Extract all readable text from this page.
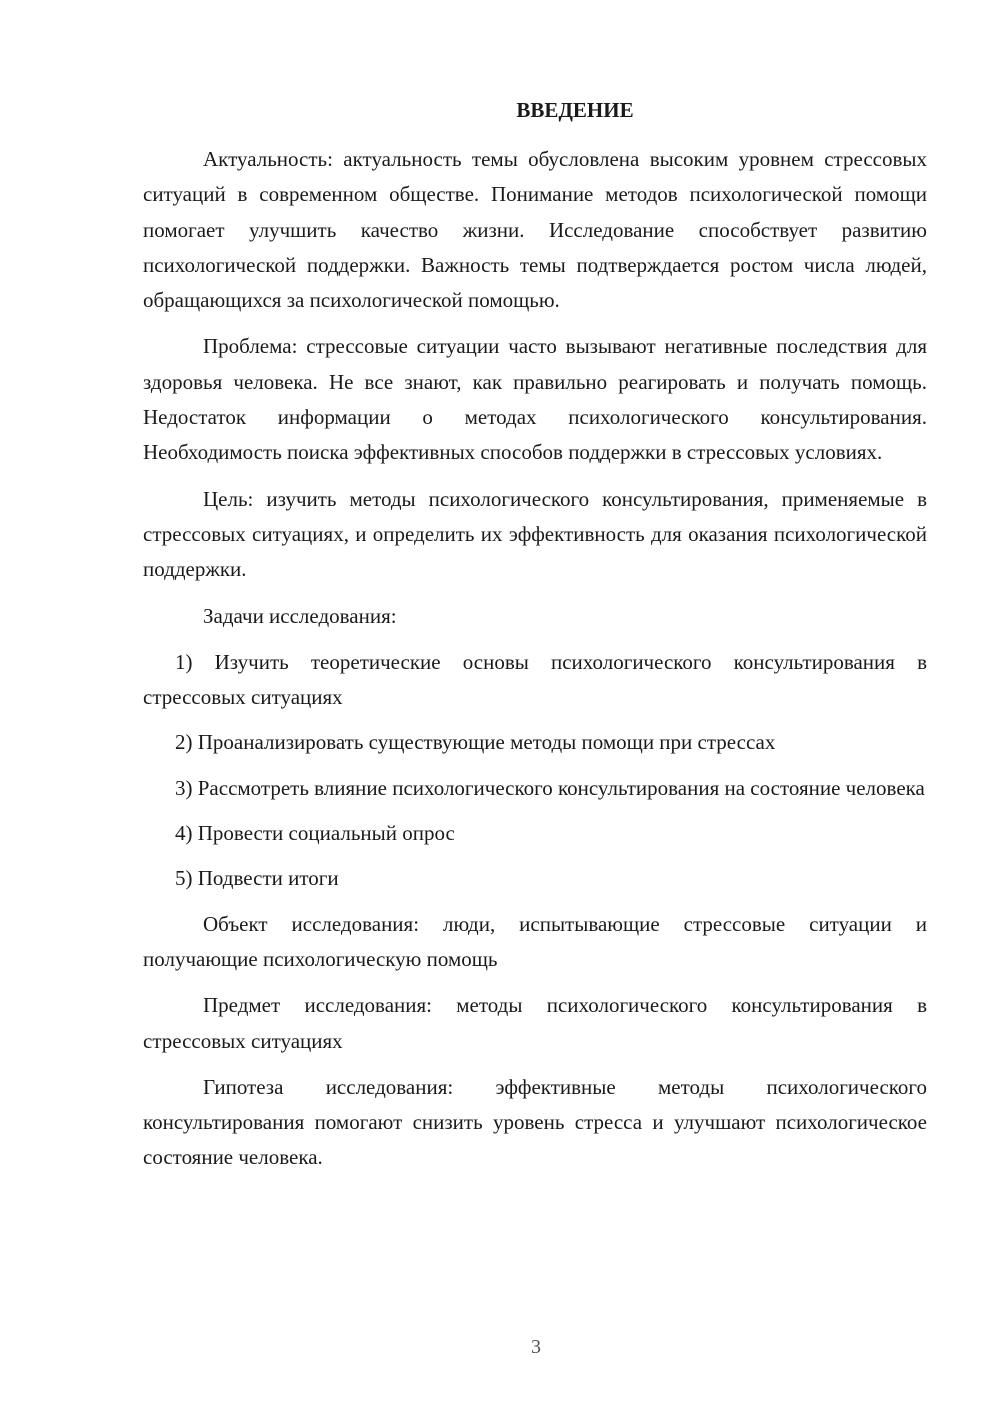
ВВЕДЕНИЕ

Актуальность: актуальность темы обусловлена высоким уровнем стрессовых ситуаций в современном обществе. Понимание методов психологической помощи помогает улучшить качество жизни. Исследование способствует развитию психологической поддержки. Важность темы подтверждается ростом числа людей, обращающихся за психологической помощью.

Проблема: стрессовые ситуации часто вызывают негативные последствия для здоровья человека. Не все знают, как правильно реагировать и получать помощь. Недостаток информации о методах психологического консультирования. Необходимость поиска эффективных способов поддержки в стрессовых условиях.

Цель: изучить методы психологического консультирования, применяемые в стрессовых ситуациях, и определить их эффективность для оказания психологической поддержки.

Задачи исследования:

1) Изучить теоретические основы психологического консультирования в стрессовых ситуациях

2) Проанализировать существующие методы помощи при стрессах

3) Рассмотреть влияние психологического консультирования на состояние человека

4) Провести социальный опрос

5) Подвести итоги

Объект исследования: люди, испытывающие стрессовые ситуации и получающие психологическую помощь

Предмет исследования: методы психологического консультирования в стрессовых ситуациях

Гипотеза исследования: эффективные методы психологического консультирования помогают снизить уровень стресса и улучшают психологическое состояние человека.

3
